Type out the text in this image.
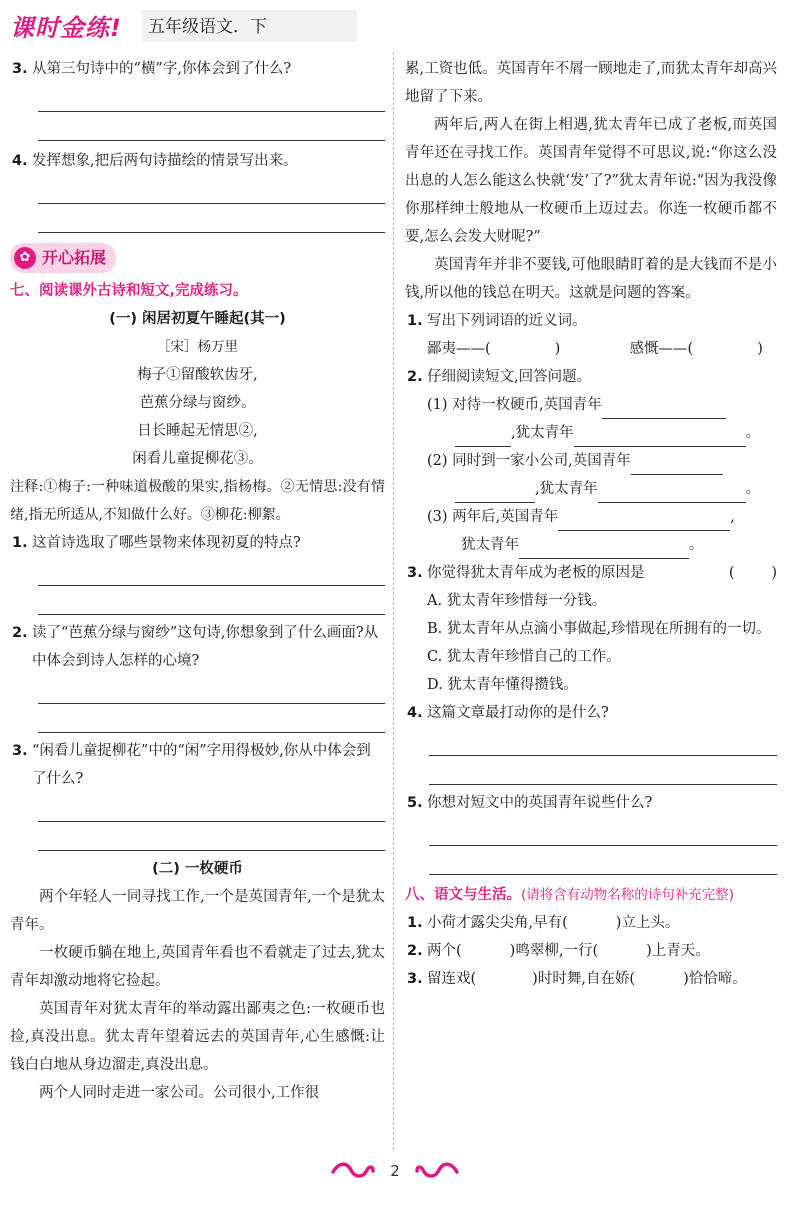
课时金练! 五年级语文．下
3. 从第三句诗中的“横”字,你体会到了什么?
4. 发挥想象,把后两句诗描绘的情景写出来。
✿ 开心拓展
七、阅读课外古诗和短文,完成练习。
(一) 闲居初夏午睡起(其一)
［宋］杨万里
梅子①留酸软齿牙,
芭蕉分绿与窗纱。
日长睡起无情思②,
闲看儿童捉柳花③。
注释:①梅子:一种味道极酸的果实,指杨梅。②无情思:没有情绪,指无所适从,不知做什么好。③柳花:柳絮。
1. 这首诗选取了哪些景物来体现初夏的特点?
2. 读了“芭蕉分绿与窗纱”这句诗,你想象到了什么画面?从中体会到诗人怎样的心境?
3. “闲看儿童捉柳花”中的“闲”字用得极妙,你从中体会到了什么?
(二) 一枚硬币
两个年轻人一同寻找工作,一个是英国青年,一个是犹太青年。
一枚硬币躺在地上,英国青年看也不看就走了过去,犹太青年却激动地将它捡起。
英国青年对犹太青年的举动露出鄙夷之色:一枚硬币也捡,真没出息。犹太青年望着远去的英国青年,心生感慨:让钱白白地从身边溜走,真没出息。
两个人同时走进一家公司。公司很小,工作很
累,工资也低。英国青年不屑一顾地走了,而犹太青年却高兴地留了下来。
两年后,两人在街上相遇,犹太青年已成了老板,而英国青年还在寻找工作。英国青年觉得不可思议,说:“你这么没出息的人怎么能这么快就‘发’了?”犹太青年说:“因为我没像你那样绅士般地从一枚硬币上迈过去。你连一枚硬币都不要,怎么会发大财呢?”
英国青年并非不要钱,可他眼睛盯着的是大钱而不是小钱,所以他的钱总在明天。这就是问题的答案。
1. 写出下列词语的近义词。
鄙夷——(	)	感慨——(	)
2. 仔细阅读短文,回答问题。
(1) 对待一枚硬币,英国青年
,犹太青年	。
(2) 同时到一家小公司,英国青年
,犹太青年	。
(3) 两年后,英国青年	,
犹太青年	。
3. 你觉得犹太青年成为老板的原因是	(        )
A. 犹太青年珍惜每一分钱。
B. 犹太青年从点滴小事做起,珍惜现在所拥有的一切。
C. 犹太青年珍惜自己的工作。
D. 犹太青年懂得攒钱。
4. 这篇文章最打动你的是什么?
5. 你想对短文中的英国青年说些什么?
八、语文与生活。(请将含有动物名称的诗句补充完整)
1. 小荷才露尖尖角,早有(	)立上头。
2. 两个(	)鸣翠柳,一行(	)上青天。
3. 留连戏(	)时时舞,自在娇(	)恰恰啼。
2
